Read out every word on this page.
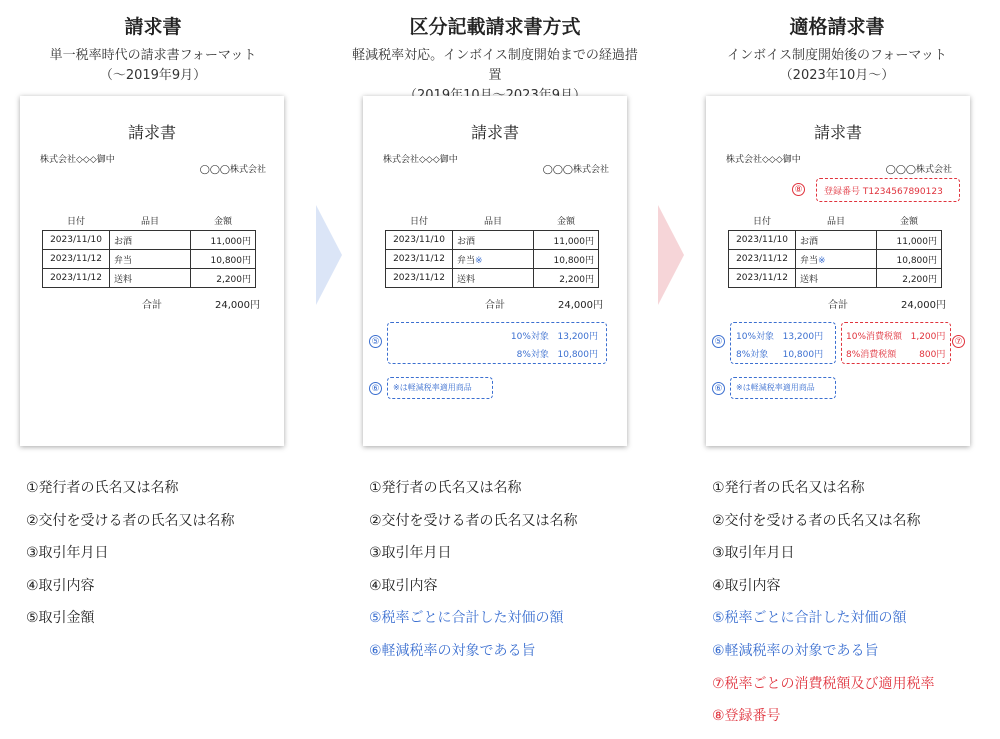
請求書
単一税率時代の請求書フォーマット
（〜2019年9月）
請求書
株式会社◇◇◇御中
◯◯◯株式会社
日付	品目	金額
2023/11/10	お酒	11,000円
2023/11/12	弁当	10,800円
2023/11/12	送料	2,200円
合計	24,000円
①発行者の氏名又は名称
②交付を受ける者の氏名又は名称
③取引年月日
④取引内容
⑤取引金額
区分記載請求書方式
軽減税率対応。インボイス制度開始までの経過措置
請求書
株式会社◇◇◇御中
◯◯◯株式会社
日付	品目	金額
2023/11/10	お酒	11,000円
2023/11/12	弁当※	10,800円
2023/11/12	送料	2,200円
合計	24,000円
⑤	10%対象 13,200円
8%対象 10,800円
⑥	※は軽減税率適用商品
①発行者の氏名又は名称
②交付を受ける者の氏名又は名称
③取引年月日
④取引内容
⑤税率ごとに合計した対価の額
⑥軽減税率の対象である旨
適格請求書
インボイス制度開始後のフォーマット
（2023年10月〜）
請求書
株式会社◇◇◇御中
◯◯◯株式会社
⑧ 登録番号 T1234567890123
日付	品目	金額
2023/11/10	お酒	11,000円
2023/11/12	弁当※	10,800円
2023/11/12	送料	2,200円
合計	24,000円
⑤ 10%対象 13,200円
8%対象 10,800円
10%消費税額 1,200円
8%消費税額	800円
⑦
⑥	※は軽減税率適用商品
①発行者の氏名又は名称
②交付を受ける者の氏名又は名称
③取引年月日
④取引内容
⑤税率ごとに合計した対価の額
⑥軽減税率の対象である旨
⑦税率ごとの消費税額及び適用税率
⑧登録番号
